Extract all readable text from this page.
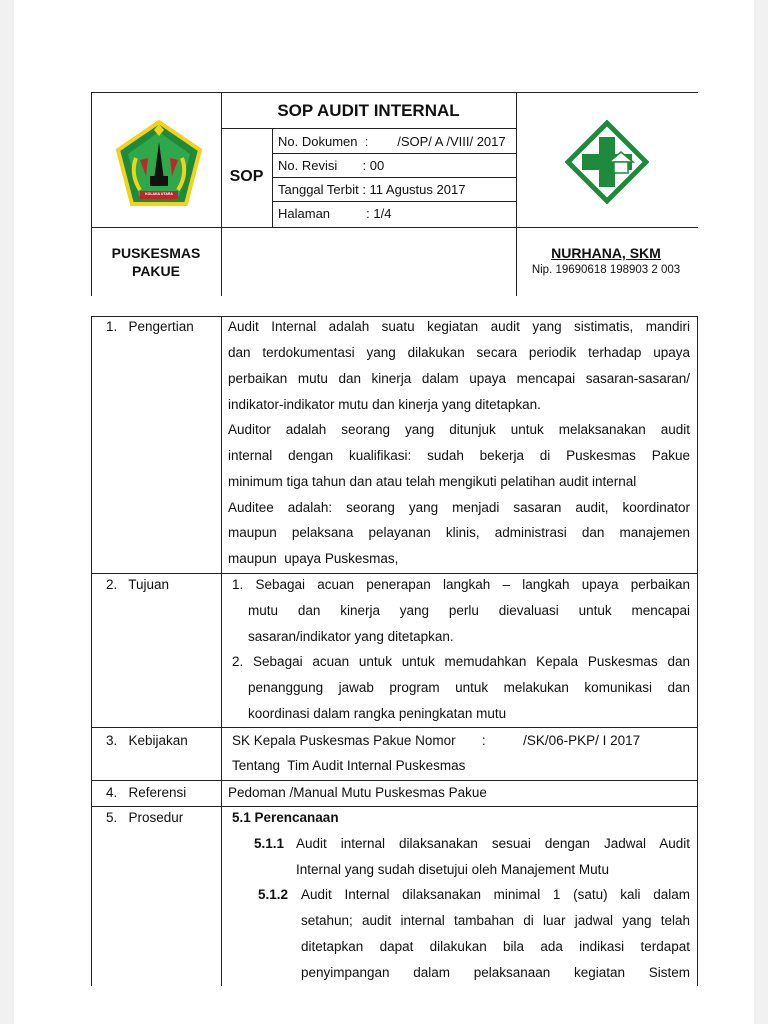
KOLAKA UTARA
SOP AUDIT INTERNAL
SOP
No. Dokumen  :        /SOP/ A /VIII/ 2017
No. Revisi       : 00
Tanggal Terbit : 11 Agustus 2017
Halaman          : 1/4
PUSKESMAS
PAKUE
NURHANA, SKM
Nip. 19690618 198903 2 003
1.   Pengertian	Audit Internal adalah suatu kegiatan audit yang sistimatis, mandiri
dan terdokumentasi yang dilakukan secara periodik terhadap upaya
perbaikan mutu dan kinerja dalam upaya mencapai sasaran-sasaran/
indikator-indikator mutu dan kinerja yang ditetapkan.
Auditor adalah seorang yang ditunjuk untuk melaksanakan audit
internal dengan kualifikasi: sudah bekerja di Puskesmas Pakue
minimum tiga tahun dan atau telah mengikuti pelatihan audit internal
Auditee adalah: seorang yang menjadi sasaran audit, koordinator
maupun pelaksana pelayanan klinis, administrasi dan manajemen
maupun  upaya Puskesmas,
2.   Tujuan	1. Sebagai acuan penerapan langkah – langkah upaya perbaikan
mutu dan kinerja yang perlu dievaluasi untuk mencapai
sasaran/indikator yang ditetapkan.
2. Sebagai acuan untuk untuk memudahkan Kepala Puskesmas dan
penanggung jawab program untuk melakukan komunikasi dan
koordinasi dalam rangka peningkatan mutu
3.   Kebijakan	SK Kepala Puskesmas Pakue Nomor       :          /SK/06-PKP/ I 2017
Tentang  Tim Audit Internal Puskesmas
4.   Referensi	Pedoman /Manual Mutu Puskesmas Pakue
5.   Prosedur	5.1 Perencanaan
5.1.1 Audit internal dilaksanakan sesuai dengan Jadwal Audit
Internal yang sudah disetujui oleh Manajement Mutu
5.1.2 Audit Internal dilaksanakan minimal 1 (satu) kali dalam
setahun; audit internal tambahan di luar jadwal yang telah
ditetapkan dapat dilakukan bila ada indikasi terdapat
penyimpangan dalam pelaksanaan kegiatan Sistem
